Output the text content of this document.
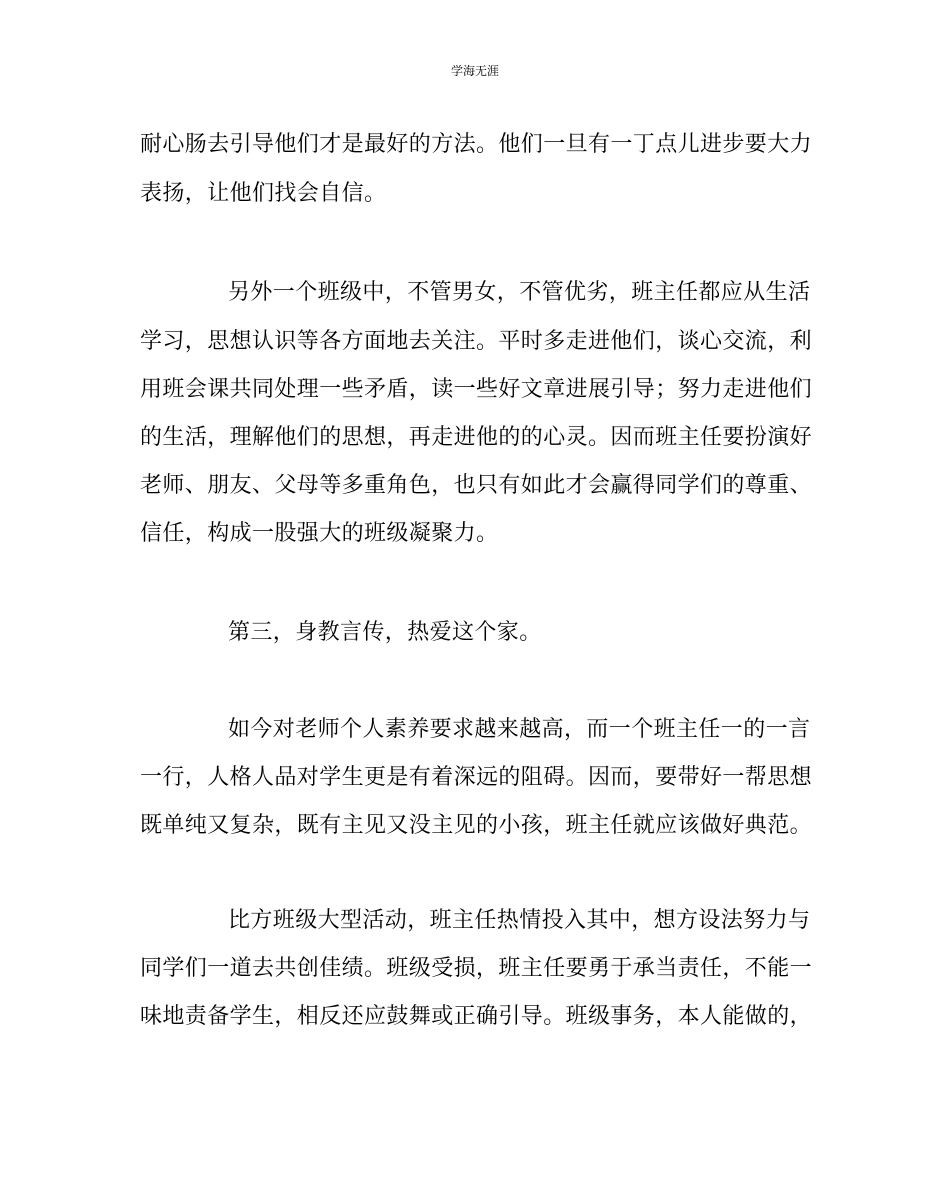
学海无涯
耐心肠去引导他们才是最好的方法。他们一旦有一丁点儿进步要大力
表扬，让他们找会自信。
另外一个班级中，不管男女，不管优劣，班主任都应从生活
学习，思想认识等各方面地去关注。平时多走进他们，谈心交流，利
用班会课共同处理一些矛盾，读一些好文章进展引导；努力走进他们
的生活，理解他们的思想，再走进他的的心灵。因而班主任要扮演好
老师、朋友、父母等多重角色，也只有如此才会赢得同学们的尊重、
信任，构成一股强大的班级凝聚力。
第三，身教言传，热爱这个家。
如今对老师个人素养要求越来越高，而一个班主任一的一言
一行，人格人品对学生更是有着深远的阻碍。因而，要带好一帮思想
既单纯又复杂，既有主见又没主见的小孩，班主任就应该做好典范。
比方班级大型活动，班主任热情投入其中，想方设法努力与
同学们一道去共创佳绩。班级受损，班主任要勇于承当责任，不能一
味地责备学生，相反还应鼓舞或正确引导。班级事务，本人能做的，
